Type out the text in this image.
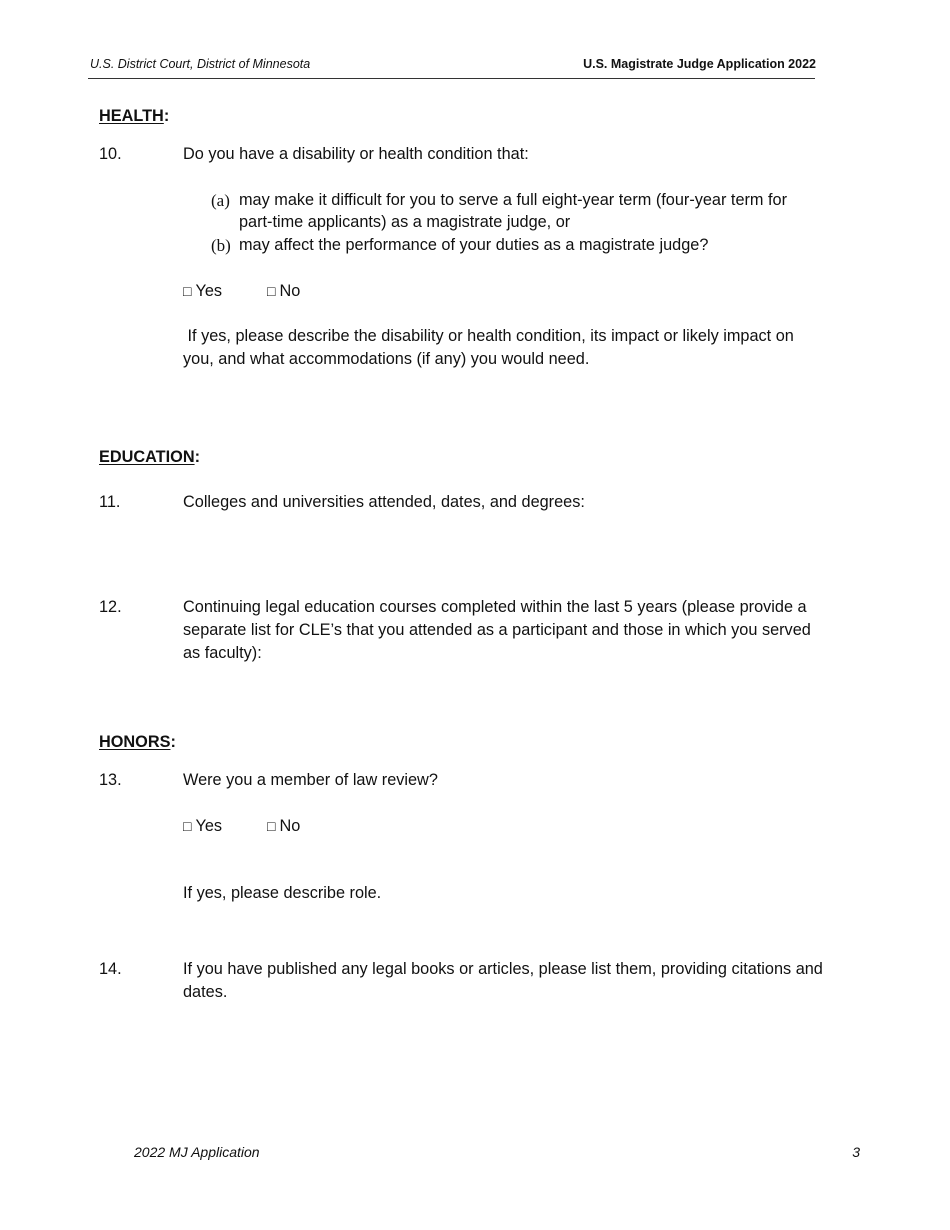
U.S. District Court, District of Minnesota	U.S. Magistrate Judge Application 2022
HEALTH:
10.	Do you have a disability or health condition that:
(a) may make it difficult for you to serve a full eight-year term (four-year term for
part-time applicants) as a magistrate judge, or
(b) may affect the performance of your duties as a magistrate judge?
□ Yes	□ No
If yes, please describe the disability or health condition, its impact or likely impact on
you, and what accommodations (if any) you would need.
EDUCATION:
11.	Colleges and universities attended, dates, and degrees:
12.	Continuing legal education courses completed within the last 5 years (please provide a
separate list for CLE’s that you attended as a participant and those in which you served
as faculty):
HONORS:
13.	Were you a member of law review?
□ Yes	□ No
If yes, please describe role.
14.	If you have published any legal books or articles, please list them, providing citations and
dates.
2022 MJ Application	3
